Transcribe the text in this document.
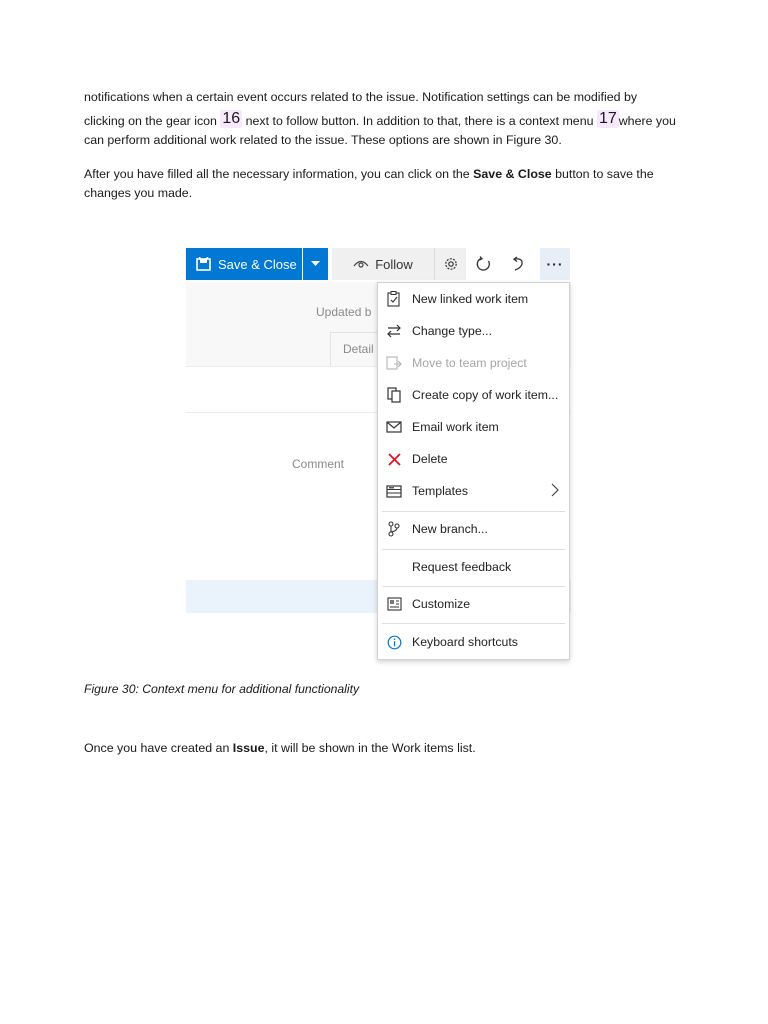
notifications when a certain event occurs related to the issue. Notification settings can be modified by
clicking on the gear icon 16 next to follow button. In addition to that, there is a context menu 17 where you can perform additional work related to the issue. These options are shown in Figure 30.

After you have filled all the necessary information, you can click on the Save & Close button to save the changes you made.

Updated b
Detail
Comment
Save & Close	Follow	···
New linked work item
Change type...
Move to team project
Create copy of work item...
Email work item
Delete
Templates
New branch...
Request feedback
Customize
Keyboard shortcuts

Figure 30: Context menu for additional functionality

Once you have created an Issue, it will be shown in the Work items list.
